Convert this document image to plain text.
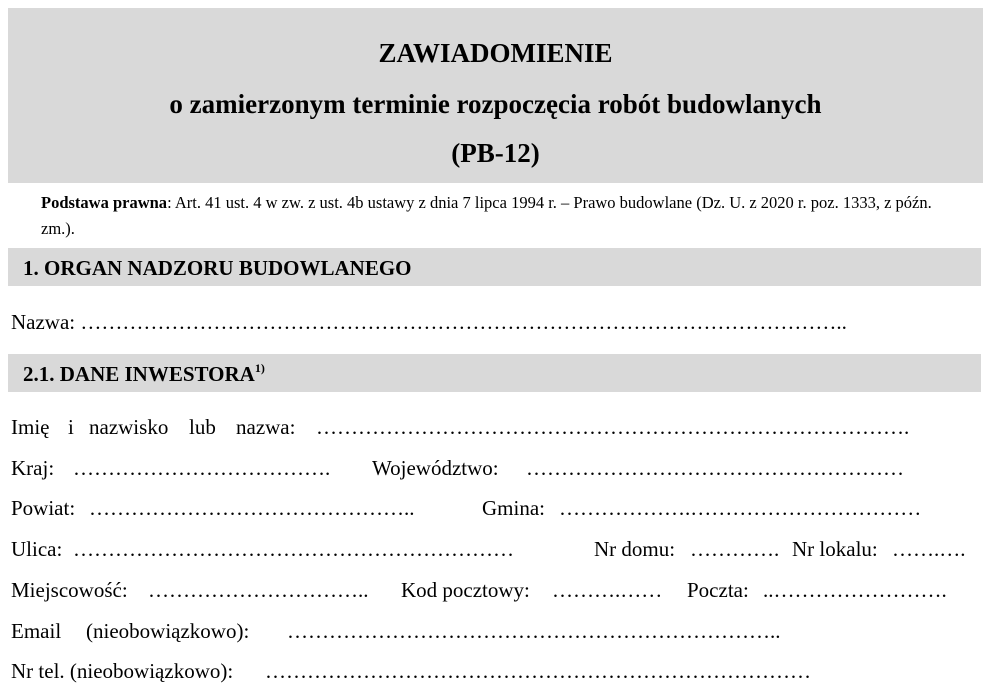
ZAWIADOMIENIE
o zamierzonym terminie rozpoczęcia robót budowlanych
(PB-12)
Podstawa prawna: Art. 41 ust. 4 w zw. z ust. 4b ustawy z dnia 7 lipca 1994 r. – Prawo budowlane (Dz. U. z 2020 r. poz. 1333, z późn. zm.).
1. ORGAN NADZORU BUDOWLANEGO
Nazwa: ………………………………………………………………………………………………..
2.1. DANE INWESTORA$^{1)}$
Imię i nazwisko lub nazwa: ………………………………………………………………………….
Kraj: ………………………………. Województwo: ………………………………………………
Powiat: ………………………………………..	Gmina: ……………….……………………………
Ulica: ………………………………………………………	Nr domu: …………. Nr lokalu: …….….
Miejscowość: ………………………….. Kod pocztowy: ……….…… Poczta: ..…………………….
Email (nieobowiązkowo): ……………………………………………………………..
Nr tel. (nieobowiązkowo): ……………………………………………………………………
